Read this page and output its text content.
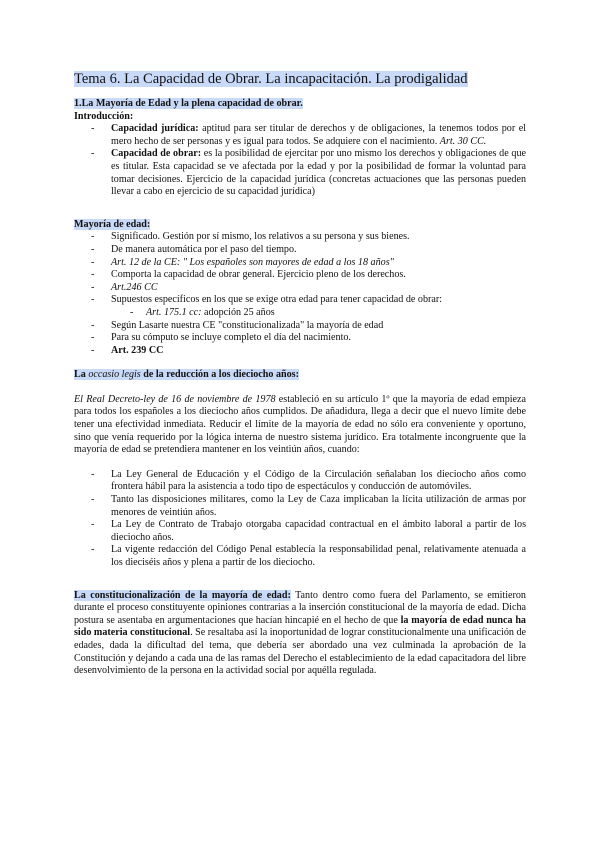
Tema 6. La Capacidad de Obrar. La incapacitación. La prodigalidad
1.La Mayoría de Edad y la plena capacidad de obrar.
Introducción:
- Capacidad jurídica: aptitud para ser titular de derechos y de obligaciones, la tenemos todos por el mero hecho de ser personas y es igual para todos. Se adquiere con el nacimiento. Art. 30 CC.
- Capacidad de obrar: es la posibilidad de ejercitar por uno mismo los derechos y obligaciones de que es titular. Esta capacidad se ve afectada por la edad y por la posibilidad de formar la voluntad para tomar decisiones. Ejercicio de la capacidad jurídica (concretas actuaciones que las personas pueden llevar a cabo en ejercicio de su capacidad jurídica)
Mayoría de edad:
- Significado. Gestión por sí mismo, los relativos a su persona y sus bienes.
- De manera automática por el paso del tiempo.
- Art. 12 de la CE: " Los españoles son mayores de edad a los 18 años"
- Comporta la capacidad de obrar general. Ejercicio pleno de los derechos.
- Art.246 CC
- Supuestos específicos en los que se exige otra edad para tener capacidad de obrar:
- Art. 175.1 cc: adopción 25 años
- Según Lasarte nuestra CE "constitucionalizada" la mayoría de edad
- Para su cómputo se incluye completo el día del nacimiento.
- Art. 239 CC
La occasio legis de la reducción a los dieciocho años:

El Real Decreto-ley de 16 de noviembre de 1978 estableció en su artículo 1º que la mayoría de edad empieza para todos los españoles a los dieciocho años cumplidos. De añadidura, llega a decir que el nuevo límite debe tener una efectividad inmediata. Reducir el límite de la mayoría de edad no sólo era conveniente y oportuno, sino que venía requerido por la lógica interna de nuestro sistema jurídico. Era totalmente incongruente que la mayoría de edad se pretendiera mantener en los veintiún años, cuando:

- La Ley General de Educación y el Código de la Circulación señalaban los dieciocho años como frontera hábil para la asistencia a todo tipo de espectáculos y conducción de automóviles.
- Tanto las disposiciones militares, como la Ley de Caza implicaban la lícita utilización de armas por menores de veintiún años.
- La Ley de Contrato de Trabajo otorgaba capacidad contractual en el ámbito laboral a partir de los dieciocho años.
- La vigente redacción del Código Penal establecía la responsabilidad penal, relativamente atenuada a los dieciséis años y plena a partir de los dieciocho.

La constitucionalización de la mayoría de edad: Tanto dentro como fuera del Parlamento, se emitieron durante el proceso constituyente opiniones contrarias a la inserción constitucional de la mayoría de edad. Dicha postura se asentaba en argumentaciones que hacían hincapié en el hecho de que la mayoría de edad nunca ha sido materia constitucional. Se resaltaba así la inoportunidad de lograr constitucionalmente una unificación de edades, dada la dificultad del tema, que debería ser abordado una vez culminada la aprobación de la Constitución y dejando a cada una de las ramas del Derecho el establecimiento de la edad capacitadora del libre desenvolvimiento de la persona en la actividad social por aquélla regulada.
